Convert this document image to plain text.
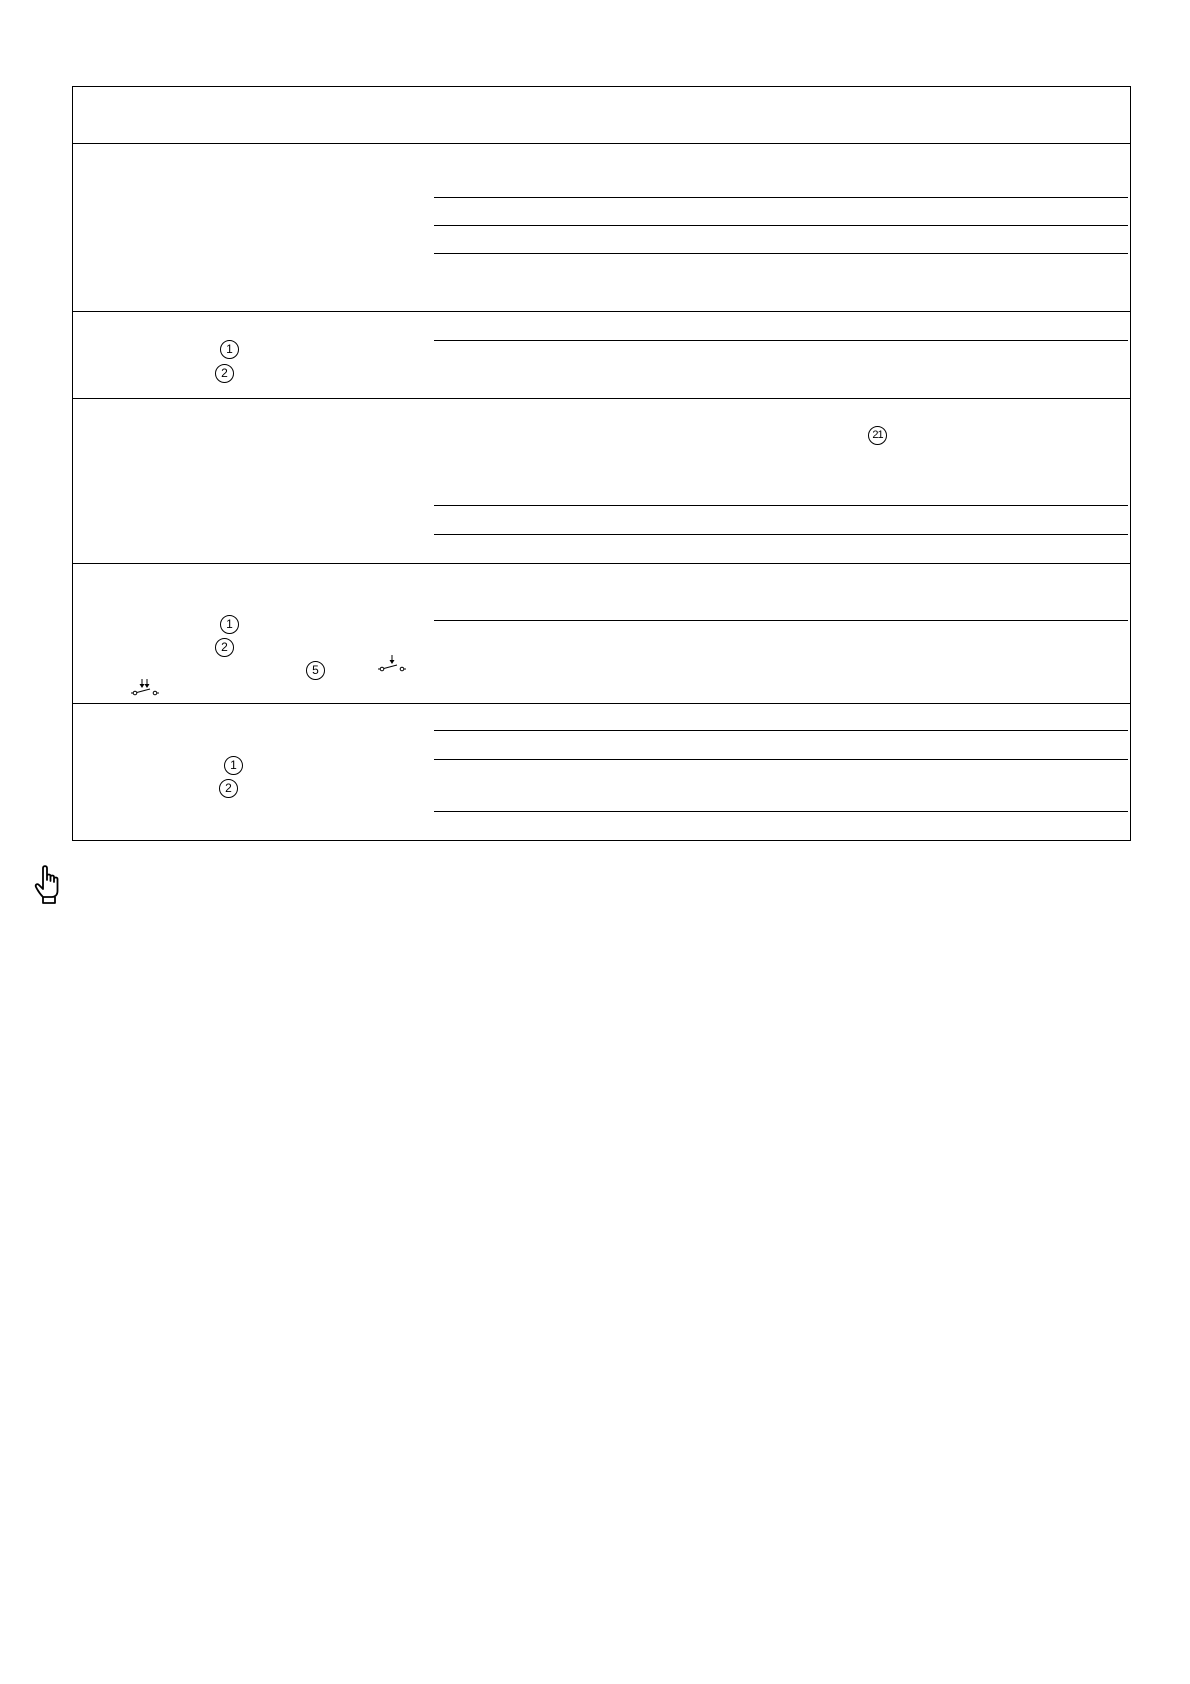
1
2
21
1
2
5
1
2
